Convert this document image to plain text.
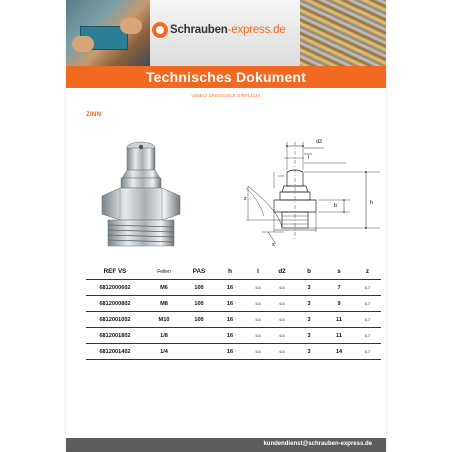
Schrauben-express.de
Technisches Dokument
VS6812 DRESSUELE DIN71412A
ZINN
d2
l
h
b
z
s
REF VS	Feilen	PAS	h	l	d2	b	s	z
6812000602	M6	100	16	5,5	6,5	3	7	0,7
6812000802	M8	100	16	5,5	6,5	3	9	0,7
6812001002	M10	100	16	5,5	6,5	3	11	0,7
6812001802	1/8		16	5,5	6,5	3	11	0,7
6812001402	1/4		16	5,5	6,5	3	14	0,7
kundendienst@schrauben-express.de
